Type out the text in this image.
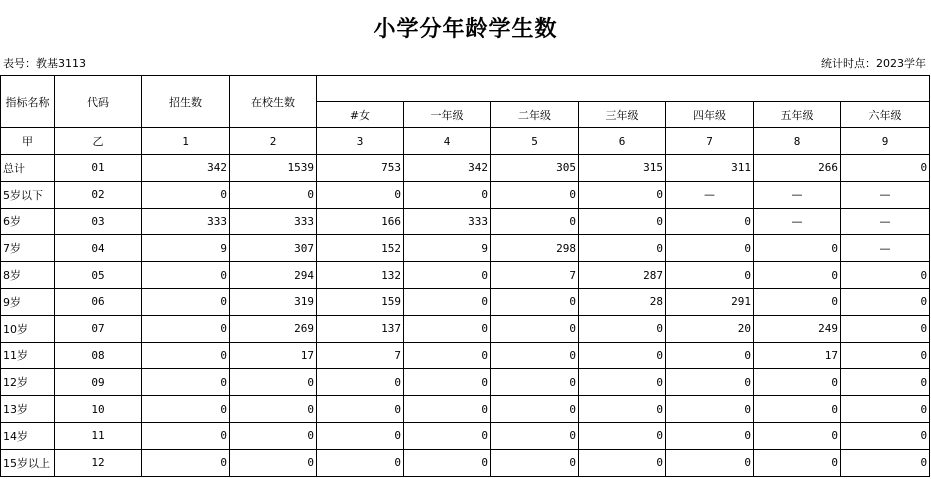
小学分年龄学生数
表号：教基3113	统计时点：2023学年
指标名称	代码	招生数	在校生数							
				#女	一年级	二年级	三年级	四年级	五年级	六年级
甲	乙	1	2	3	4	5	6	7	8	9
总计	01	342	1539	753	342	305	315	311	266	0
5岁以下	02	0	0	0	0	0	0	—	—	—
6岁	03	333	333	166	333	0	0	0	—	—
7岁	04	9	307	152	9	298	0	0	0	—
8岁	05	0	294	132	0	7	287	0	0	0
9岁	06	0	319	159	0	0	28	291	0	0
10岁	07	0	269	137	0	0	0	20	249	0
11岁	08	0	17	7	0	0	0	0	17	0
12岁	09	0	0	0	0	0	0	0	0	0
13岁	10	0	0	0	0	0	0	0	0	0
14岁	11	0	0	0	0	0	0	0	0	0
15岁以上	12	0	0	0	0	0	0	0	0	0
